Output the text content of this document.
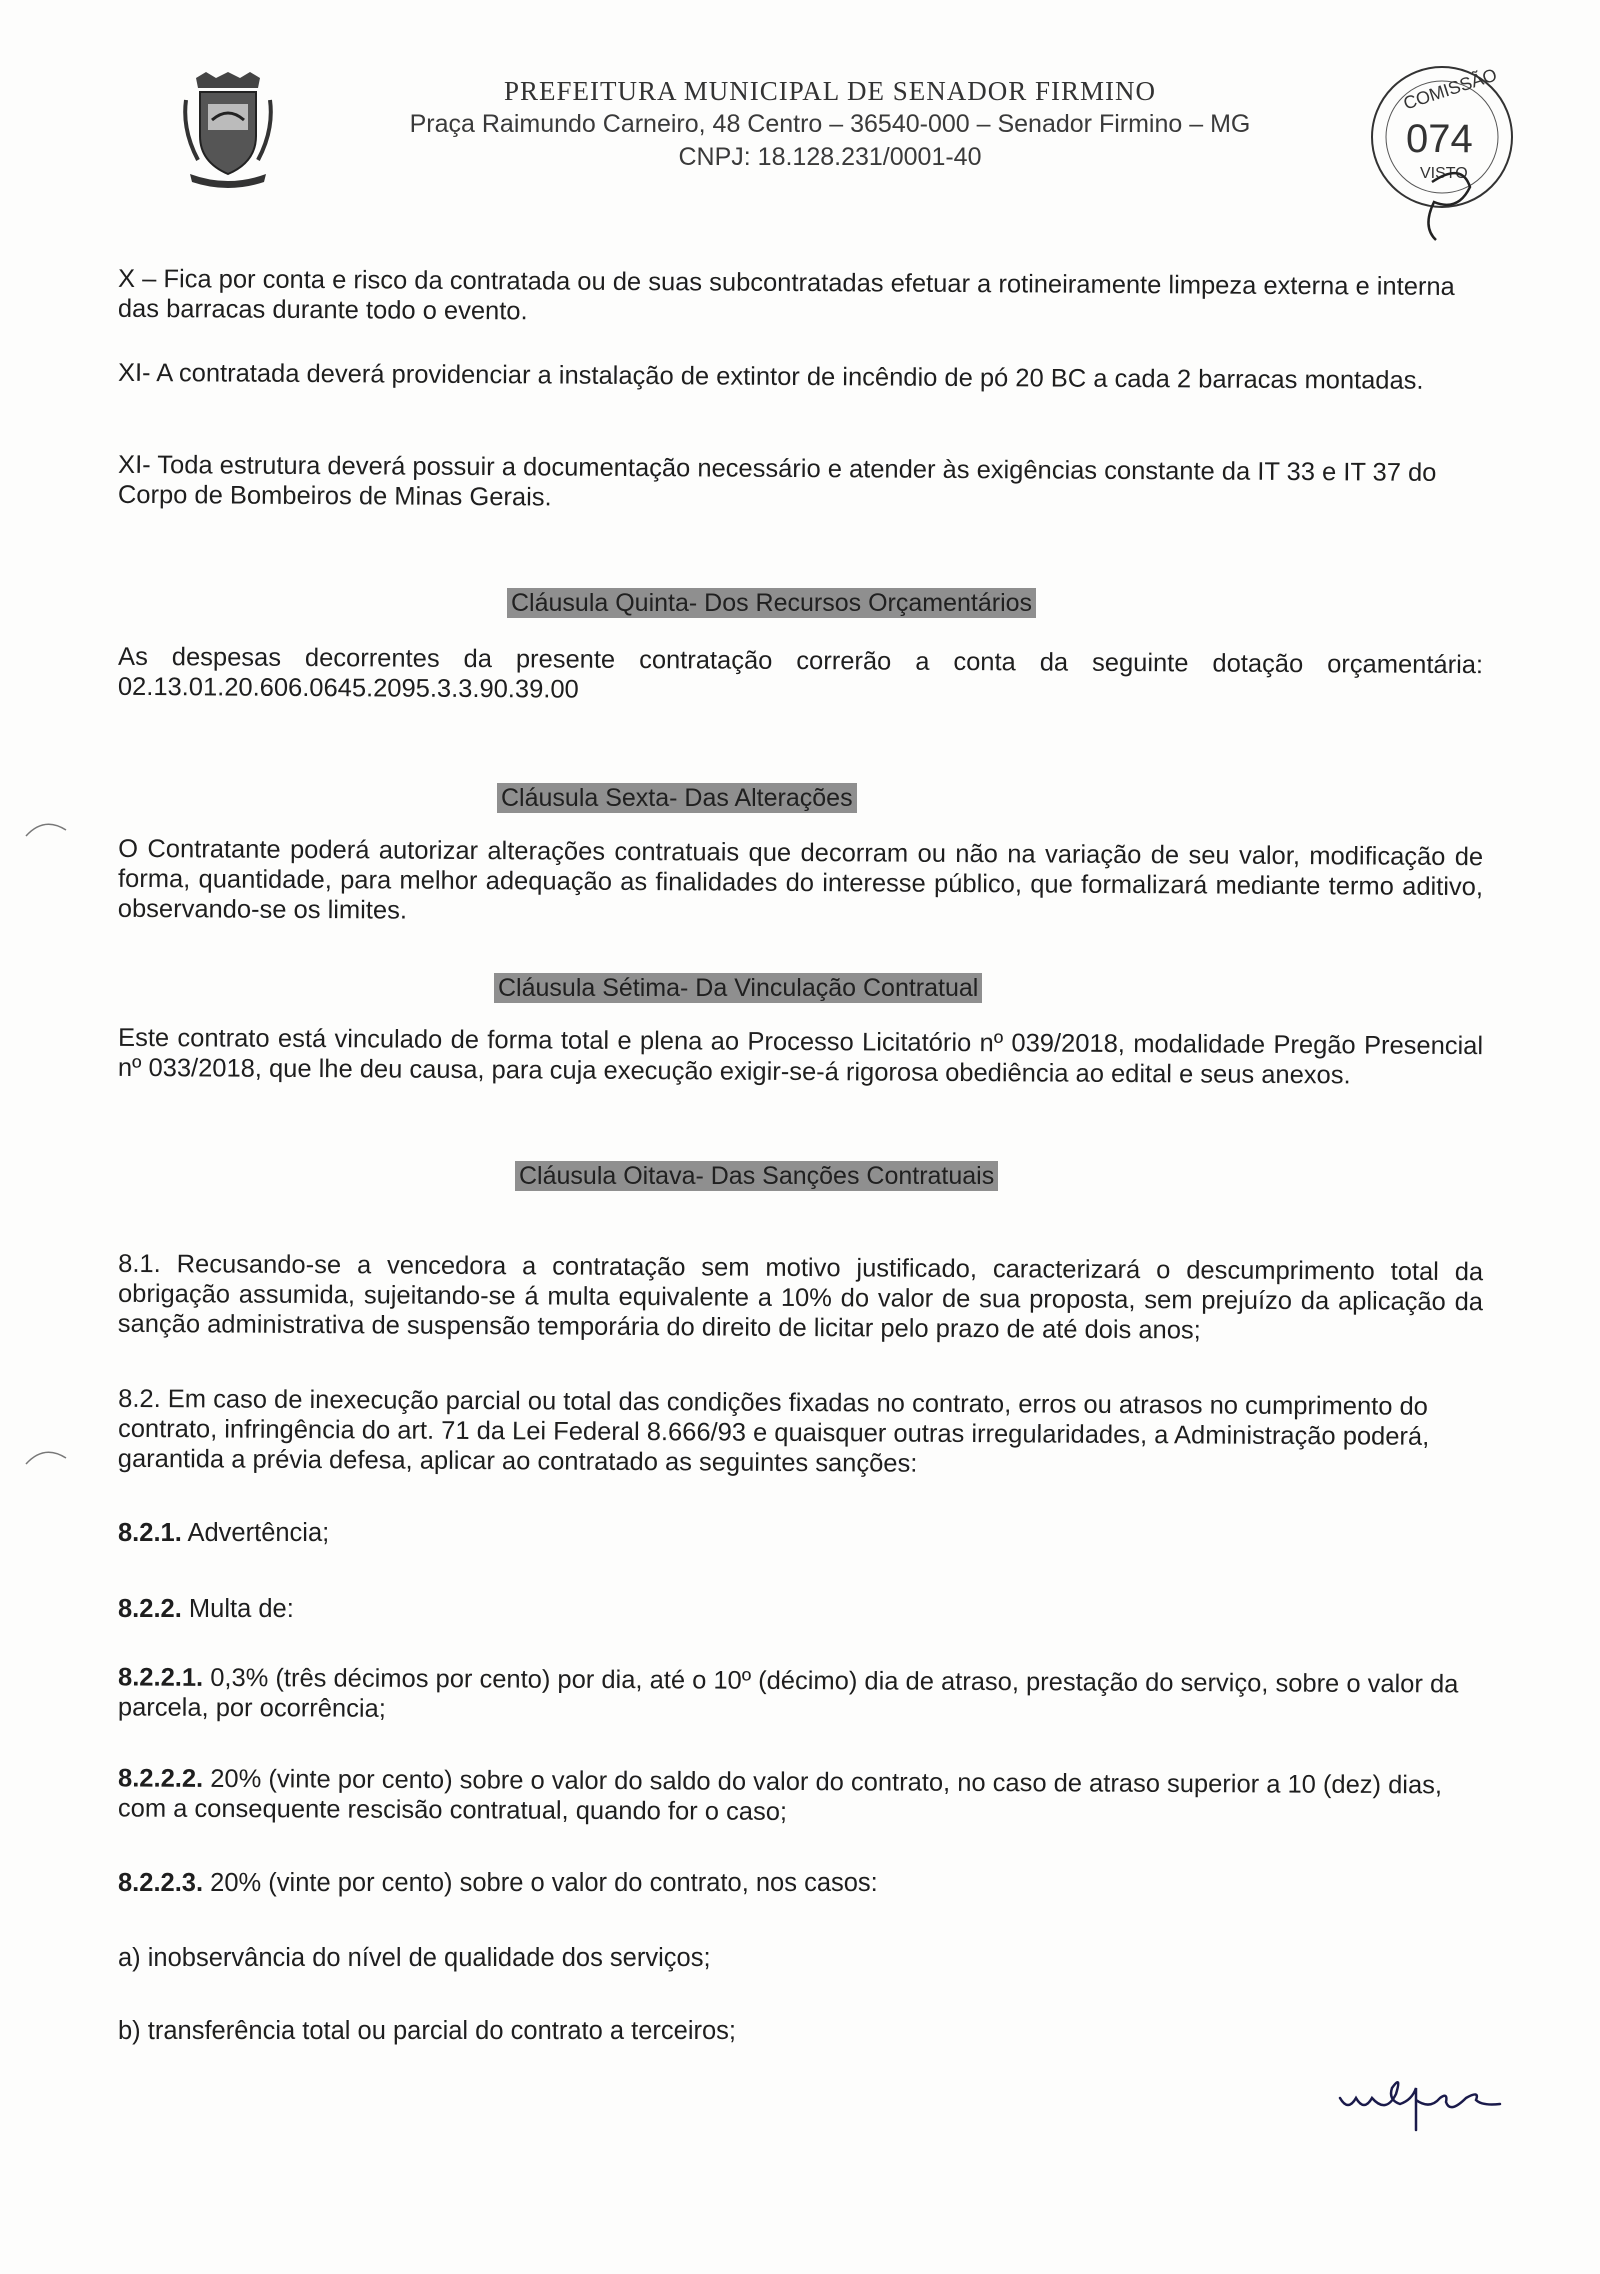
PREFEITURA MUNICIPAL DE SENADOR FIRMINO
Praça Raimundo Carneiro, 48 Centro – 36540-000 – Senador Firmino – MG
CNPJ: 18.128.231/0001-40
COMISSÃO
074
VISTO
X – Fica por conta e risco da contratada ou de suas subcontratadas efetuar a rotineiramente limpeza externa e interna das barracas durante todo o evento.
XI- A contratada deverá providenciar a instalação de extintor de incêndio de pó 20 BC a cada 2 barracas montadas.
XI- Toda estrutura deverá possuir a documentação necessário e atender às exigências constante da IT 33 e IT 37 do Corpo de Bombeiros de Minas Gerais.
Cláusula Quinta- Dos Recursos Orçamentários
As despesas decorrentes da presente contratação correrão a conta da seguinte dotação orçamentária: 02.13.01.20.606.0645.2095.3.3.90.39.00
Cláusula Sexta- Das Alterações
O Contratante poderá autorizar alterações contratuais que decorram ou não na variação de seu valor, modificação de forma, quantidade, para melhor adequação as finalidades do interesse público, que formalizará mediante termo aditivo, observando-se os limites.
Cláusula Sétima- Da Vinculação Contratual
Este contrato está vinculado de forma total e plena ao Processo Licitatório nº 039/2018, modalidade Pregão Presencial nº 033/2018, que lhe deu causa, para cuja execução exigir-se-á rigorosa obediência ao edital e seus anexos.
Cláusula Oitava- Das Sanções Contratuais
8.1. Recusando-se a vencedora a contratação sem motivo justificado, caracterizará o descumprimento total da obrigação assumida, sujeitando-se á multa equivalente a 10% do valor de sua proposta, sem prejuízo da aplicação da sanção administrativa de suspensão temporária do direito de licitar pelo prazo de até dois anos;
8.2. Em caso de inexecução parcial ou total das condições fixadas no contrato, erros ou atrasos no cumprimento do contrato, infringência do art. 71 da Lei Federal 8.666/93 e quaisquer outras irregularidades, a Administração poderá, garantida a prévia defesa, aplicar ao contratado as seguintes sanções:
8.2.1. Advertência;
8.2.2. Multa de:
8.2.2.1. 0,3% (três décimos por cento) por dia, até o 10º (décimo) dia de atraso, prestação do serviço, sobre o valor da parcela, por ocorrência;
8.2.2.2. 20% (vinte por cento) sobre o valor do saldo do valor do contrato, no caso de atraso superior a 10 (dez) dias, com a consequente rescisão contratual, quando for o caso;
8.2.2.3. 20% (vinte por cento) sobre o valor do contrato, nos casos:
a) inobservância do nível de qualidade dos serviços;
b) transferência total ou parcial do contrato a terceiros;
